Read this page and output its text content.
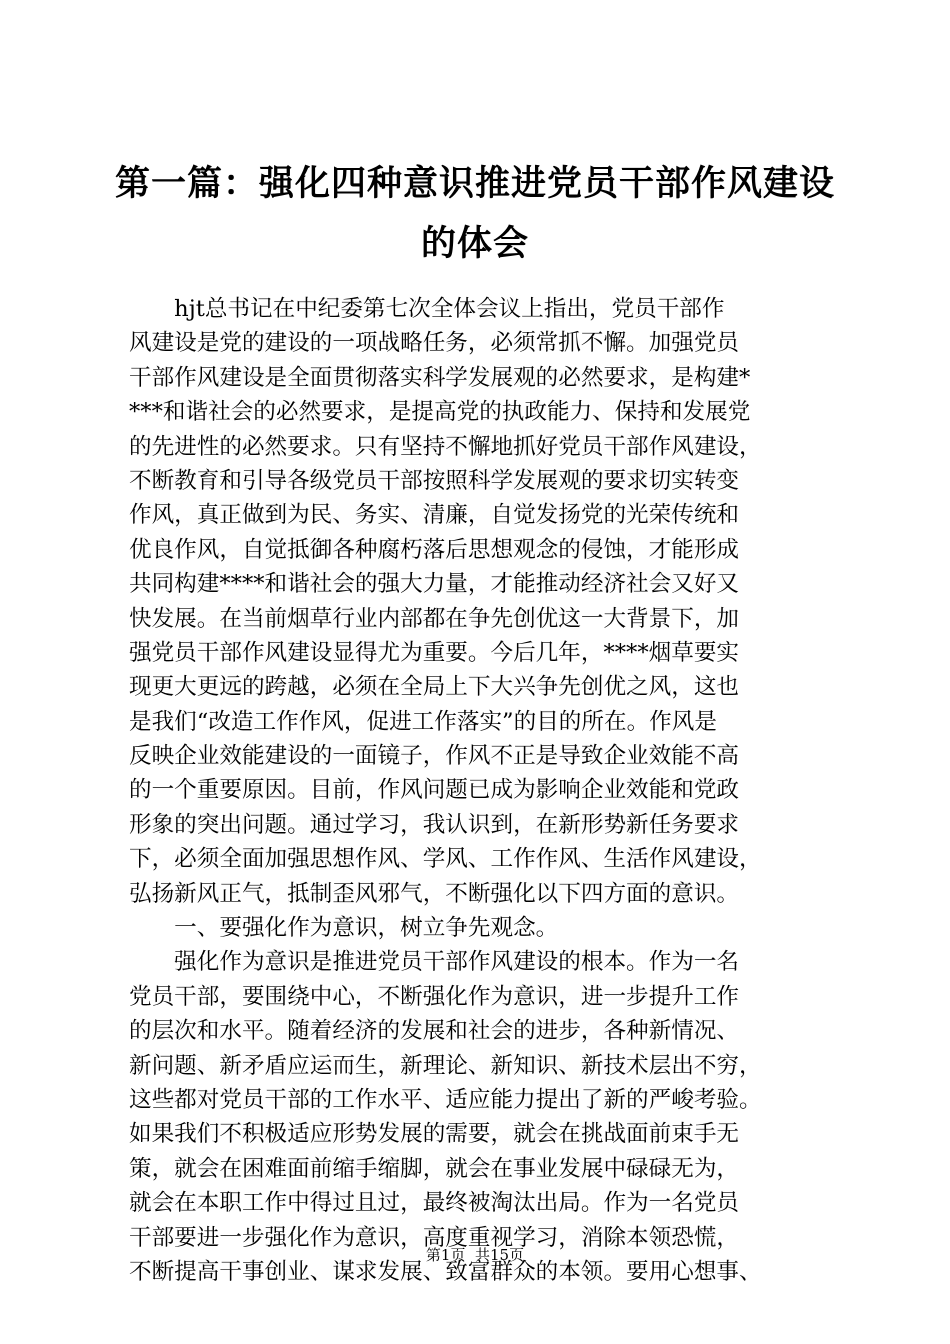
第一篇：强化四种意识推进党员干部作风建设
的体会
　　hjt总书记在中纪委第七次全体会议上指出，党员干部作
风建设是党的建设的一项战略任务，必须常抓不懈。加强党员
干部作风建设是全面贯彻落实科学发展观的必然要求，是构建*
***和谐社会的必然要求，是提高党的执政能力、保持和发展党
的先进性的必然要求。只有坚持不懈地抓好党员干部作风建设，
不断教育和引导各级党员干部按照科学发展观的要求切实转变
作风，真正做到为民、务实、清廉，自觉发扬党的光荣传统和
优良作风，自觉抵御各种腐朽落后思想观念的侵蚀，才能形成
共同构建****和谐社会的强大力量，才能推动经济社会又好又
快发展。在当前烟草行业内部都在争先创优这一大背景下，加
强党员干部作风建设显得尤为重要。今后几年，****烟草要实
现更大更远的跨越，必须在全局上下大兴争先创优之风，这也
是我们“改造工作作风，促进工作落实”的目的所在。作风是
反映企业效能建设的一面镜子，作风不正是导致企业效能不高
的一个重要原因。目前，作风问题已成为影响企业效能和党政
形象的突出问题。通过学习，我认识到，在新形势新任务要求
下，必须全面加强思想作风、学风、工作作风、生活作风建设，
弘扬新风正气，抵制歪风邪气，不断强化以下四方面的意识。
　　一、要强化作为意识，树立争先观念。
　　强化作为意识是推进党员干部作风建设的根本。作为一名
党员干部，要围绕中心，不断强化作为意识，进一步提升工作
的层次和水平。随着经济的发展和社会的进步，各种新情况、
新问题、新矛盾应运而生，新理论、新知识、新技术层出不穷，
这些都对党员干部的工作水平、适应能力提出了新的严峻考验。
如果我们不积极适应形势发展的需要，就会在挑战面前束手无
策，就会在困难面前缩手缩脚，就会在事业发展中碌碌无为，
就会在本职工作中得过且过，最终被淘汰出局。作为一名党员
干部要进一步强化作为意识，高度重视学习，消除本领恐慌，
不断提高干事创业、谋求发展、致富群众的本领。要用心想事、
第1页  共15页
